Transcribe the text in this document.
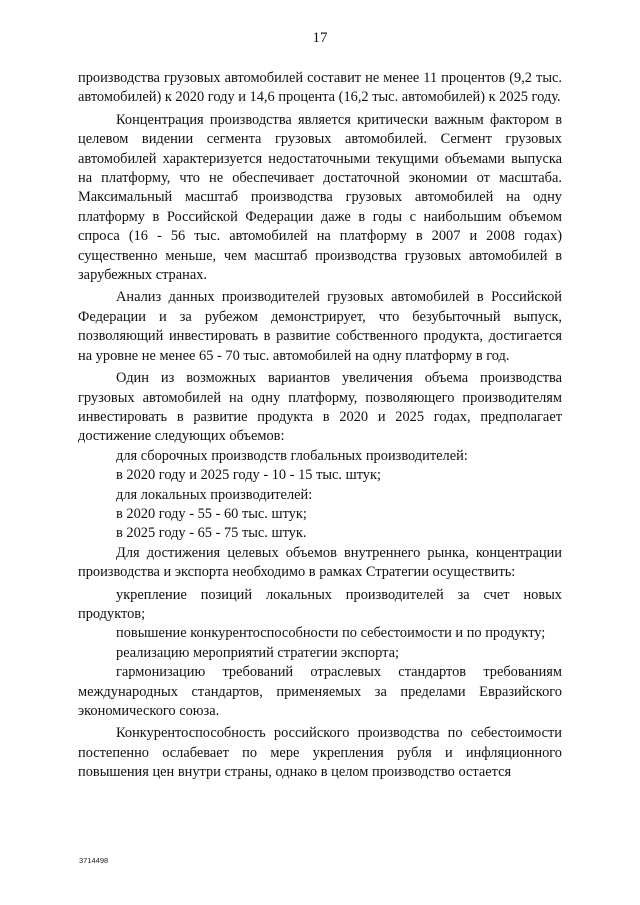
17

производства грузовых автомобилей составит не менее 11 процентов (9,2 тыс. автомобилей) к 2020 году и 14,6 процента (16,2 тыс. автомобилей) к 2025 году.

Концентрация производства является критически важным фактором в целевом видении сегмента грузовых автомобилей. Сегмент грузовых автомобилей характеризуется недостаточными текущими объемами выпуска на платформу, что не обеспечивает достаточной экономии от масштаба. Максимальный масштаб производства грузовых автомобилей на одну платформу в Российской Федерации даже в годы с наибольшим объемом спроса (16 - 56 тыс. автомобилей на платформу в 2007 и 2008 годах) существенно меньше, чем масштаб производства грузовых автомобилей в зарубежных странах.

Анализ данных производителей грузовых автомобилей в Российской Федерации и за рубежом демонстрирует, что безубыточный выпуск, позволяющий инвестировать в развитие собственного продукта, достигается на уровне не менее 65 - 70 тыс. автомобилей на одну платформу в год.

Один из возможных вариантов увеличения объема производства грузовых автомобилей на одну платформу, позволяющего производителям инвестировать в развитие продукта в 2020 и 2025 годах, предполагает достижение следующих объемов:

для сборочных производств глобальных производителей:

в 2020 году и 2025 году - 10 - 15 тыс. штук;

для локальных производителей:

в 2020 году - 55 - 60 тыс. штук;

в 2025 году - 65 - 75 тыс. штук.

Для достижения целевых объемов внутреннего рынка, концентрации производства и экспорта необходимо в рамках Стратегии осуществить:

укрепление позиций локальных производителей за счет новых продуктов;

повышение конкурентоспособности по себестоимости и по продукту;

реализацию мероприятий стратегии экспорта;

гармонизацию требований отраслевых стандартов требованиям международных стандартов, применяемых за пределами Евразийского экономического союза.

Конкурентоспособность российского производства по себестоимости постепенно ослабевает по мере укрепления рубля и инфляционного повышения цен внутри страны, однако в целом производство остается

3714498
